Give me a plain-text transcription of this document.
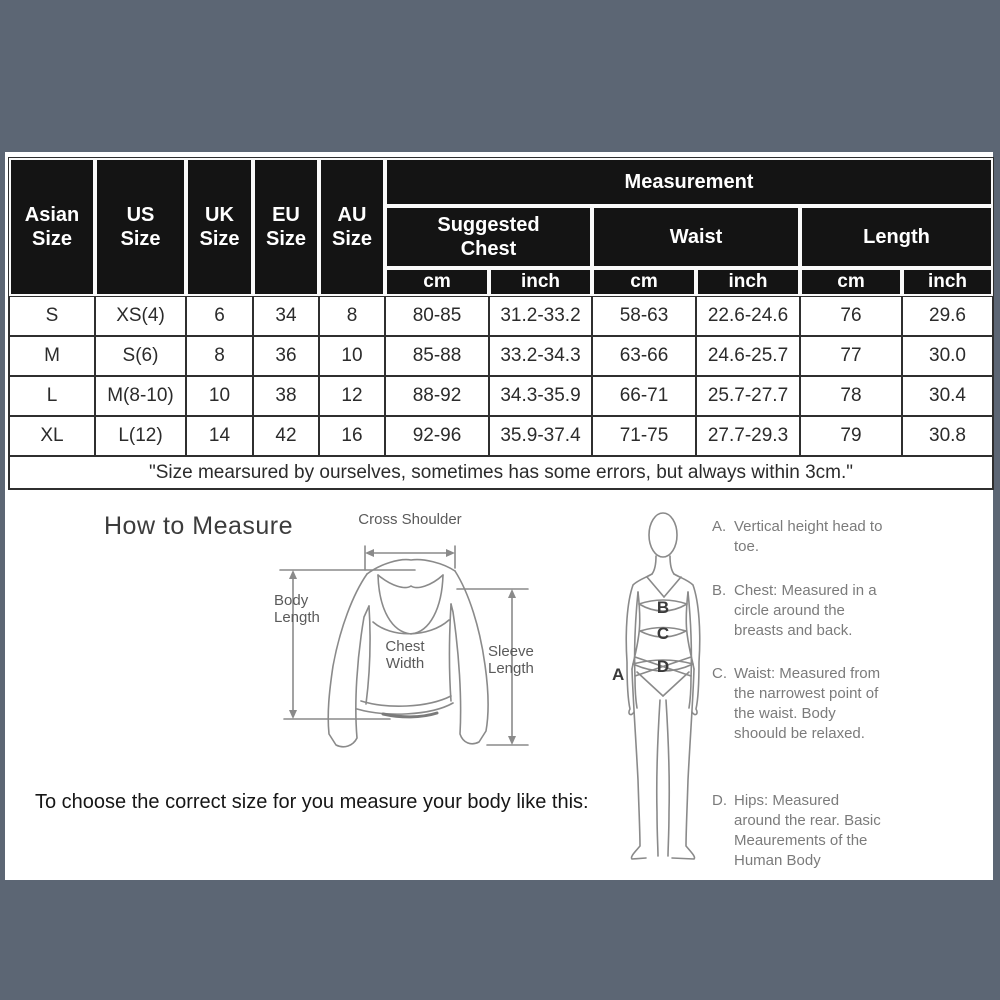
Asian Size	US Size	UK Size	EU Size	AU Size	Measurement					
					Suggested Chest		Waist		Length	
					cm	inch	cm	inch	cm	inch
S	XS(4)	6	34	8	80-85	31.2-33.2	58-63	22.6-24.6	76	29.6
M	S(6)	8	36	10	85-88	33.2-34.3	63-66	24.6-25.7	77	30.0
L	M(8-10)	10	38	12	88-92	34.3-35.9	66-71	25.7-27.7	78	30.4
XL	L(12)	14	42	16	92-96	35.9-37.4	71-75	27.7-29.3	79	30.8
"Size mearsured by ourselves, sometimes has some errors, but always within 3cm."										
How to Measure	Cross Shoulder
Body Length
Chest Width
Sleeve Length	A
B
C
D
A. Vertical height head to toe.
B. Chest: Measured in a circle around the breasts and back.
C. Waist: Measured from the narrowest point of the waist. Body shoould be relaxed.
D. Hips: Measured around the rear. Basic Meaurements of the Human Body
To choose the correct size for you measure your body like this:
